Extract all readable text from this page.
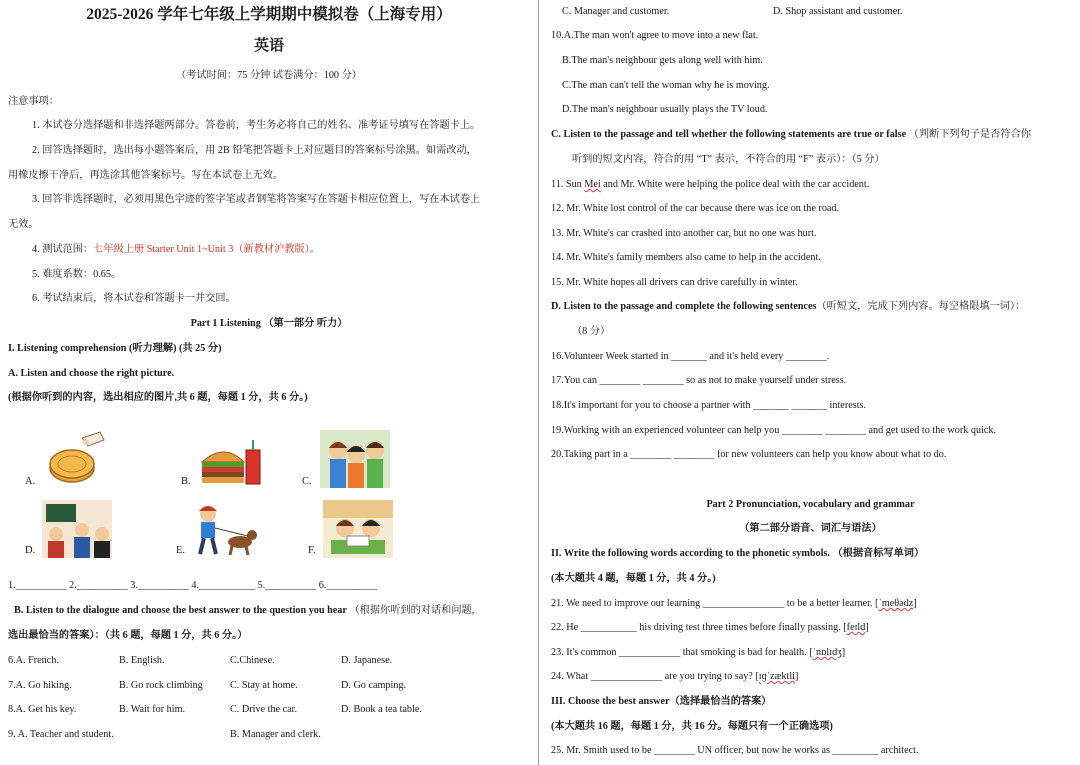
2025-2026 学年七年级上学期期中模拟卷（上海专用）
英语
（考试时间：75 分钟 试卷满分：100 分）
注意事项：
1. 本试卷分选择题和非选择题两部分。答卷前，考生务必将自己的姓名、准考证号填写在答题卡上。
2. 回答选择题时，选出每小题答案后，用 2B 铅笔把答题卡上对应题目的答案标号涂黑。如需改动，
用橡皮擦干净后，再选涂其他答案标号。写在本试卷上无效。
3. 回答非选择题时，必须用黑色字迹的签字笔或者钢笔将答案写在答题卡相应位置上，写在本试卷上
无效。
4. 测试范围：七年级上册 Starter Unit 1~Unit 3（新教材沪教版）。
5. 难度系数：0.65。
6. 考试结束后，将本试卷和答题卡一并交回。
Part 1 Listening （第一部分 听力）
I. Listening comprehension (听力理解) (共 25 分)
A. Listen and choose the right picture.
(根据你听到的内容，选出相应的图片,共 6 题，每题 1 分，共 6 分。)
A.	B.	C.
D.	E.	F.
1.__________ 2.__________ 3.__________ 4.___________ 5.__________ 6.__________
B. Listen to the dialogue and choose the best answer to the question you hear （根据你听到的对话和问题,
选出最恰当的答案）：（共 6 题，每题 1 分，共 6 分。）
6.A. French.	B. English.	C.Chinese.	D. Japanese.
7.A. Go hiking.	B. Go rock climbing	C. Stay at home.	D. Go camping.
8.A. Get his key.	B. Wait for him.	C. Drive the car.	D. Book a tea table.
9. A. Teacher and student.	B. Manager and clerk.
C. Manager and customer.	D. Shop assistant and customer.
10.A.The man won't agree to move into a new flat.
B.The man's neighbour gets along well with him.
C.The man can't tell the woman why he is moving.
D.The man's neighbour usually plays the TV loud.
C. Listen to the passage and tell whether the following statements are true or false （判断下列句子是否符合你
听到的短文内容，符合的用 “T” 表示，不符合的用 “F” 表示）：（5 分）
11. Sun Mei and Mr. White were helping the police deal with the car accident.
12. Mr. White lost control of the car because there was ice on the road.
13. Mr. White's car crashed into another car, but no one was hurt.
14. Mr. White's family members also came to help in the accident.
15. Mr. White hopes all drivers can drive carefully in winter.
D. Listen to the passage and complete the following sentences（听短文，完成下列内容。每空格限填一词）：
（8 分）
16.Volunteer Week started in _______ and it's held every ________.
17.You can ________ ________ so as not to make yourself under stress.
18.It's important for you to choose a partner with _______ _______ interests.
19.Working with an experienced volunteer can help you ________ ________ and get used to the work quick.
20.Taking part in a ________ ________ for new volunteers can help you know about what to do.
Part 2 Pronunciation, vocabulary and grammar
（第二部分语音、词汇与语法）
II. Write the following words according to the phonetic symbols. （根据音标写单词）
(本大题共 4 题，每题 1 分，共 4 分。)
21. We need to improve our learning ________________ to be a better learner. [ˈmeθədz]
22. He ___________ his driving test three times before finally passing. [feɪld]
23. It's common ____________ that smoking is bad for health. [ˈnɒlɪdʒ]
24. What ______________ are you trying to say? [ɪɡˈzæktli]
III. Choose the best answer（选择最恰当的答案）
(本大题共 16 题，每题 1 分，共 16 分。每题只有一个正确选项)
25. Mr. Smith used to be ________ UN officer, but now he works as _________ architect.
